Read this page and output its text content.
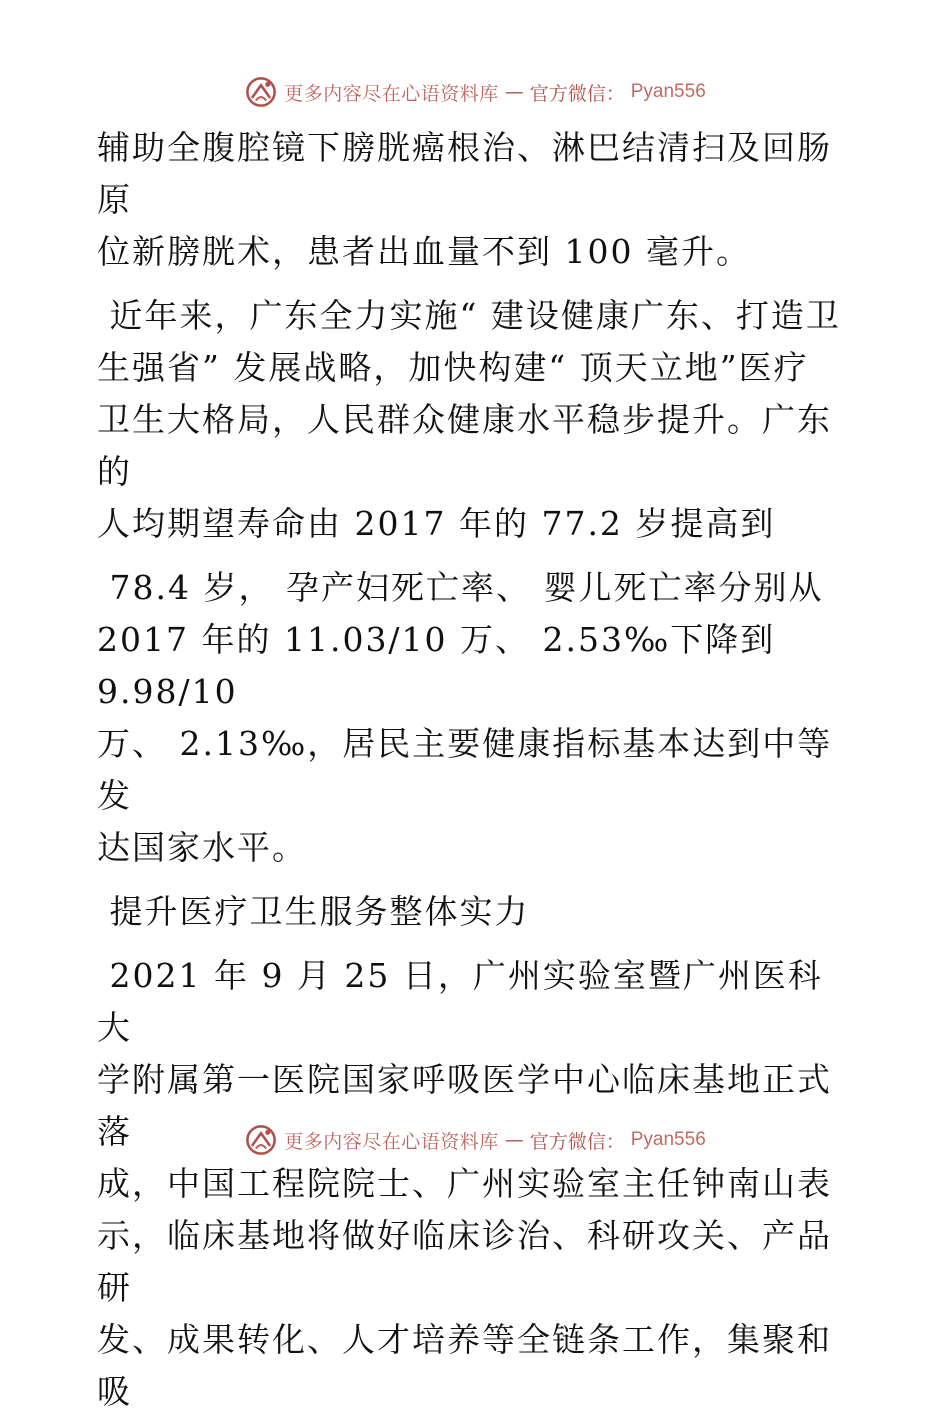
更多内容尽在心语资料库 — 官方微信： Pyan556

辅助全腹腔镜下膀胱癌根治、淋巴结清扫及回肠原
位新膀胱术，患者出血量不到 100 毫升。

近年来，广东全力实施“ 建设健康广东、打造卫
生强省” 发展战略，加快构建“ 顶天立地”医疗
卫生大格局，人民群众健康水平稳步提升。广东的
人均期望寿命由 2017 年的 77.2 岁提高到

78.4 岁， 孕产妇死亡率、 婴儿死亡率分别从
2017 年的 11.03/10 万、 2.53‰下降到 9.98/10
万、 2.13‰，居民主要健康指标基本达到中等发
达国家水平。

提升医疗卫生服务整体实力

2021 年 9 月 25 日，广州实验室暨广州医科大
学附属第一医院国家呼吸医学中心临床基地正式落
成，中国工程院院士、广州实验室主任钟南山表
示，临床基地将做好临床诊治、科研攻关、产品研
发、成果转化、人才培养等全链条工作，集聚和吸

更多内容尽在心语资料库 — 官方微信： Pyan556
